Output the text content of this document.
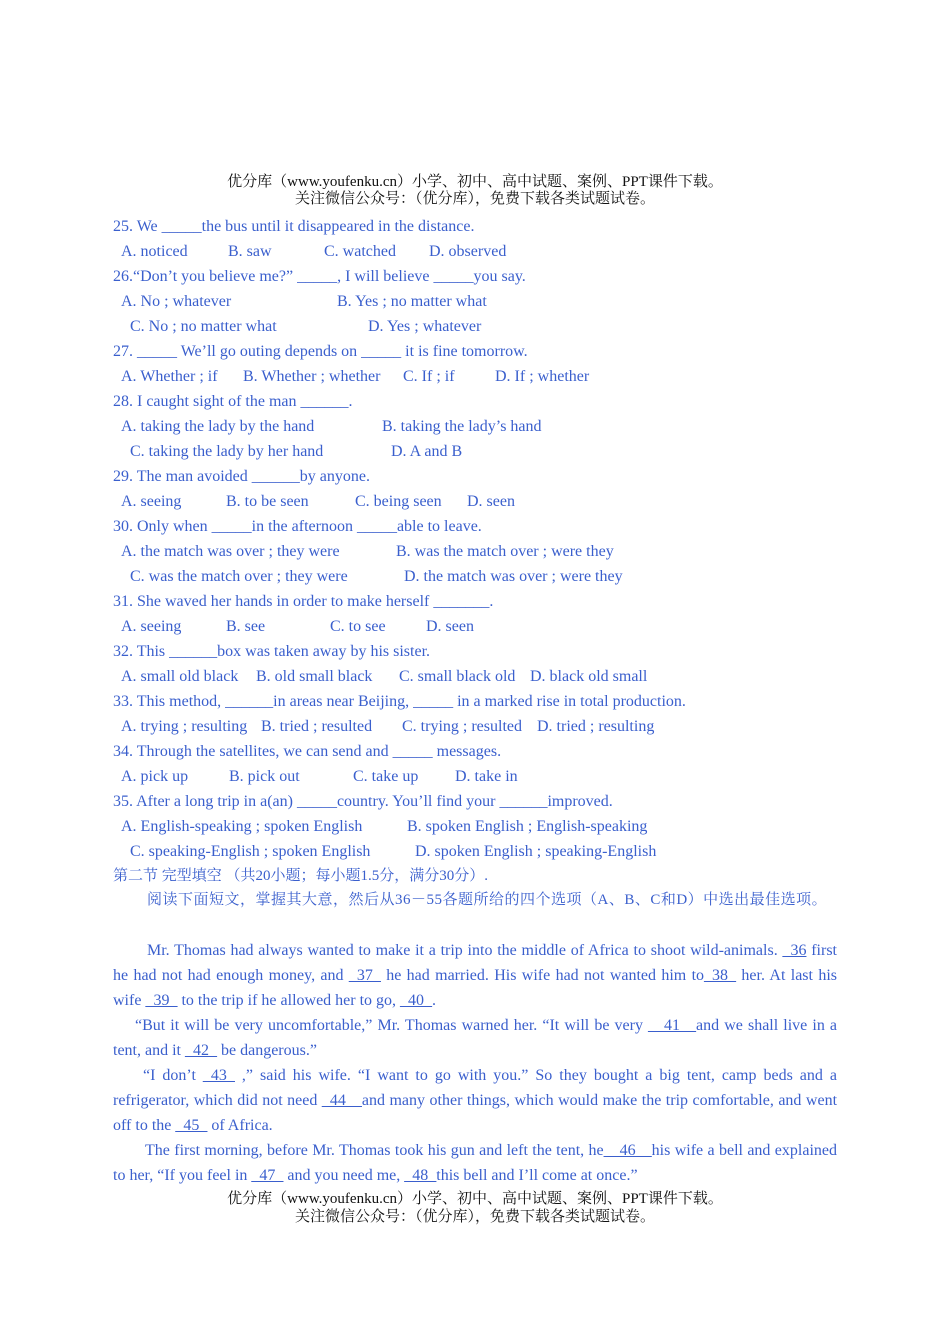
优分库（www.youfenku.cn）小学、初中、高中试题、案例、PPT课件下载。
关注微信公众号：（优分库），免费下载各类试题试卷。
25. We _____the bus until it disappeared in the distance.
A. noticed	B. saw	C. watched D. observed
26.“Don’t you believe me?” _____, I will believe _____you say.
A. No ; whatever	B. Yes ; no matter what
C. No ; no matter what	D. Yes ; whatever
27. _____ We’ll go outing depends on _____ it is fine tomorrow.
A. Whether ; if B. Whether ; whether C. If ; if	D. If ; whether
28. I caught sight of the man ______.
A. taking the lady by the hand	B. taking the lady’s hand
C. taking the lady by her hand	D. A and B
29. The man avoided ______by anyone.
A. seeing	B. to be seen	C. being seen D. seen
30. Only when _____in the afternoon _____able to leave.
A. the match was over ; they were	B. was the match over ; were they
C. was the match over ; they were	D. the match was over ; were they
31. She waved her hands in order to make herself _______.
A. seeing	B. see	C. to see	D. seen
32. This ______box was taken away by his sister.
A. small old black B. old small black C. small black old D. black old small
33. This method, ______in areas near Beijing, _____ in a marked rise in total production.
A. trying ; resulting B. tried ; resulted C. trying ; resulted D. tried ; resulting
34. Through the satellites, we can send and _____ messages.
A. pick up	B. pick out	C. take up D. take in
35. After a long trip in a(an) _____country. You’ll find your ______improved.
A. English-speaking ; spoken English	B. spoken English ; English-speaking
C. speaking-English ; spoken English	D. spoken English ; speaking-English
第二节 完型填空 （共20小题；每小题1.5分，满分30分）.
阅读下面短文，掌握其大意，然后从36－55各题所给的四个选项（A、B、C和D）中选出最佳选项。
Mr. Thomas had always wanted to make it a trip into the middle of Africa to shoot wild-animals. _36 first he had not had enough money, and _37_ he had married. His wife had not wanted him to_38_ her. At last his wife _39_ to the trip if he allowed her to go, _40_.
“But it will be very uncomfortable,” Mr. Thomas warned her. “It will be very __41__and we shall live in a tent, and it _42_ be dangerous.”
“I don’t _43_ ,” said his wife. “I want to go with you.” So they bought a big tent, camp beds and a refrigerator, which did not need _44__and many other things, which would make the trip comfortable, and went off to the _45_ of Africa.
The first morning, before Mr. Thomas took his gun and left the tent, he__46__his wife a bell and explained to her, “If you feel in _47_ and you need me, _48_this bell and I’ll come at once.”
优分库（www.youfenku.cn）小学、初中、高中试题、案例、PPT课件下载。
关注微信公众号：（优分库），免费下载各类试题试卷。
